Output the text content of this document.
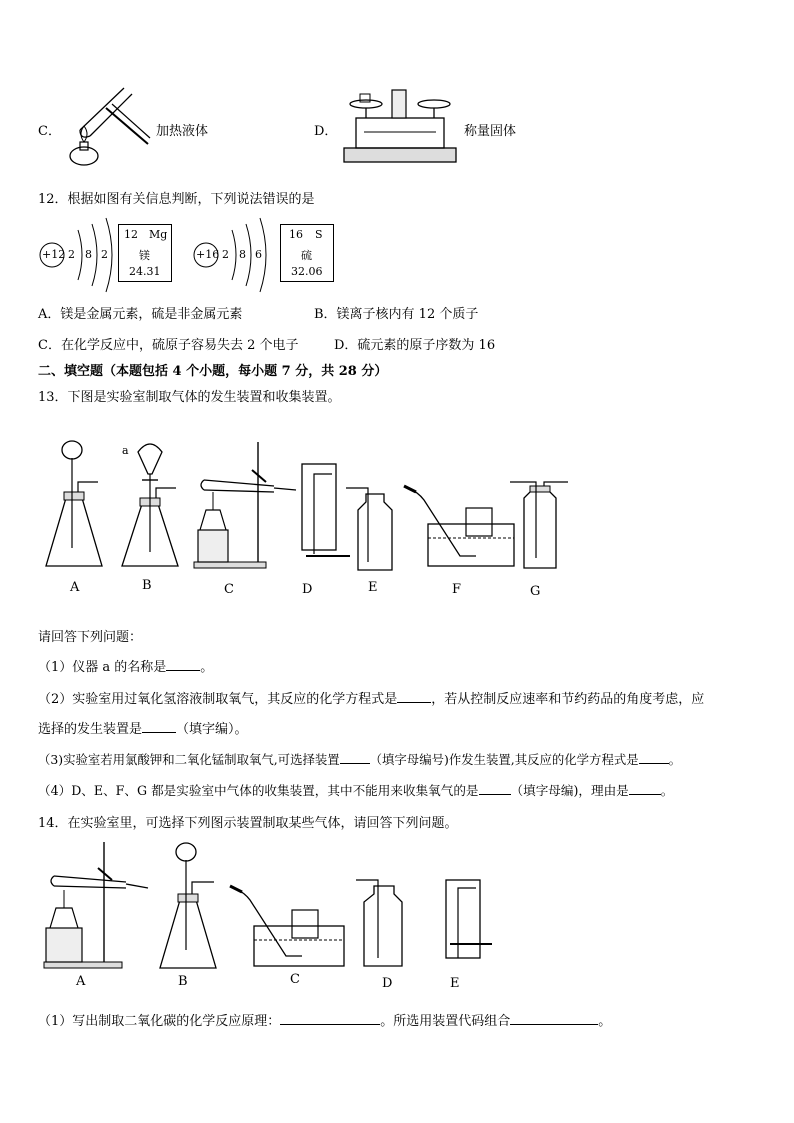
C．	加热液体	D．	称量固体
12．根据如图有关信息判断，下列说法错误的是
+12 2 8 2
12 Mg
镁
24.31
+16 2 8 6
16 S
硫
32.06
A．镁是金属元素，硫是非金属元素	B．镁离子核内有 12 个质子
C．在化学反应中，硫原子容易失去 2 个电子	D．硫元素的原子序数为 16
二、填空题（本题包括 4 个小题，每小题 7 分，共 28 分）
13．下图是实验室制取气体的发生装置和收集装置。
a
A	B	C	D	E	F	G
请回答下列问题：
（1）仪器 a 的名称是	。
（2）实验室用过氧化氢溶液制取氧气，其反应的化学方程式是	，若从控制反应速率和节约药品的角度考虑，应
选择的发生装置是	（填字编）。
（3)实验室若用氯酸钾和二氧化锰制取氧气,可选择装置 （填字母编号)作发生装置,其反应的化学方程式是 。
（4）D、E、F、G 都是实验室中气体的收集装置，其中不能用来收集氧气的是	（填字母编)，理由是	。
14．在实验室里，可选择下列图示装置制取某些气体，请回答下列问题。
A	B	C	D	E
（1）写出制取二氧化碳的化学反应原理：	。所选用装置代码组合	。
